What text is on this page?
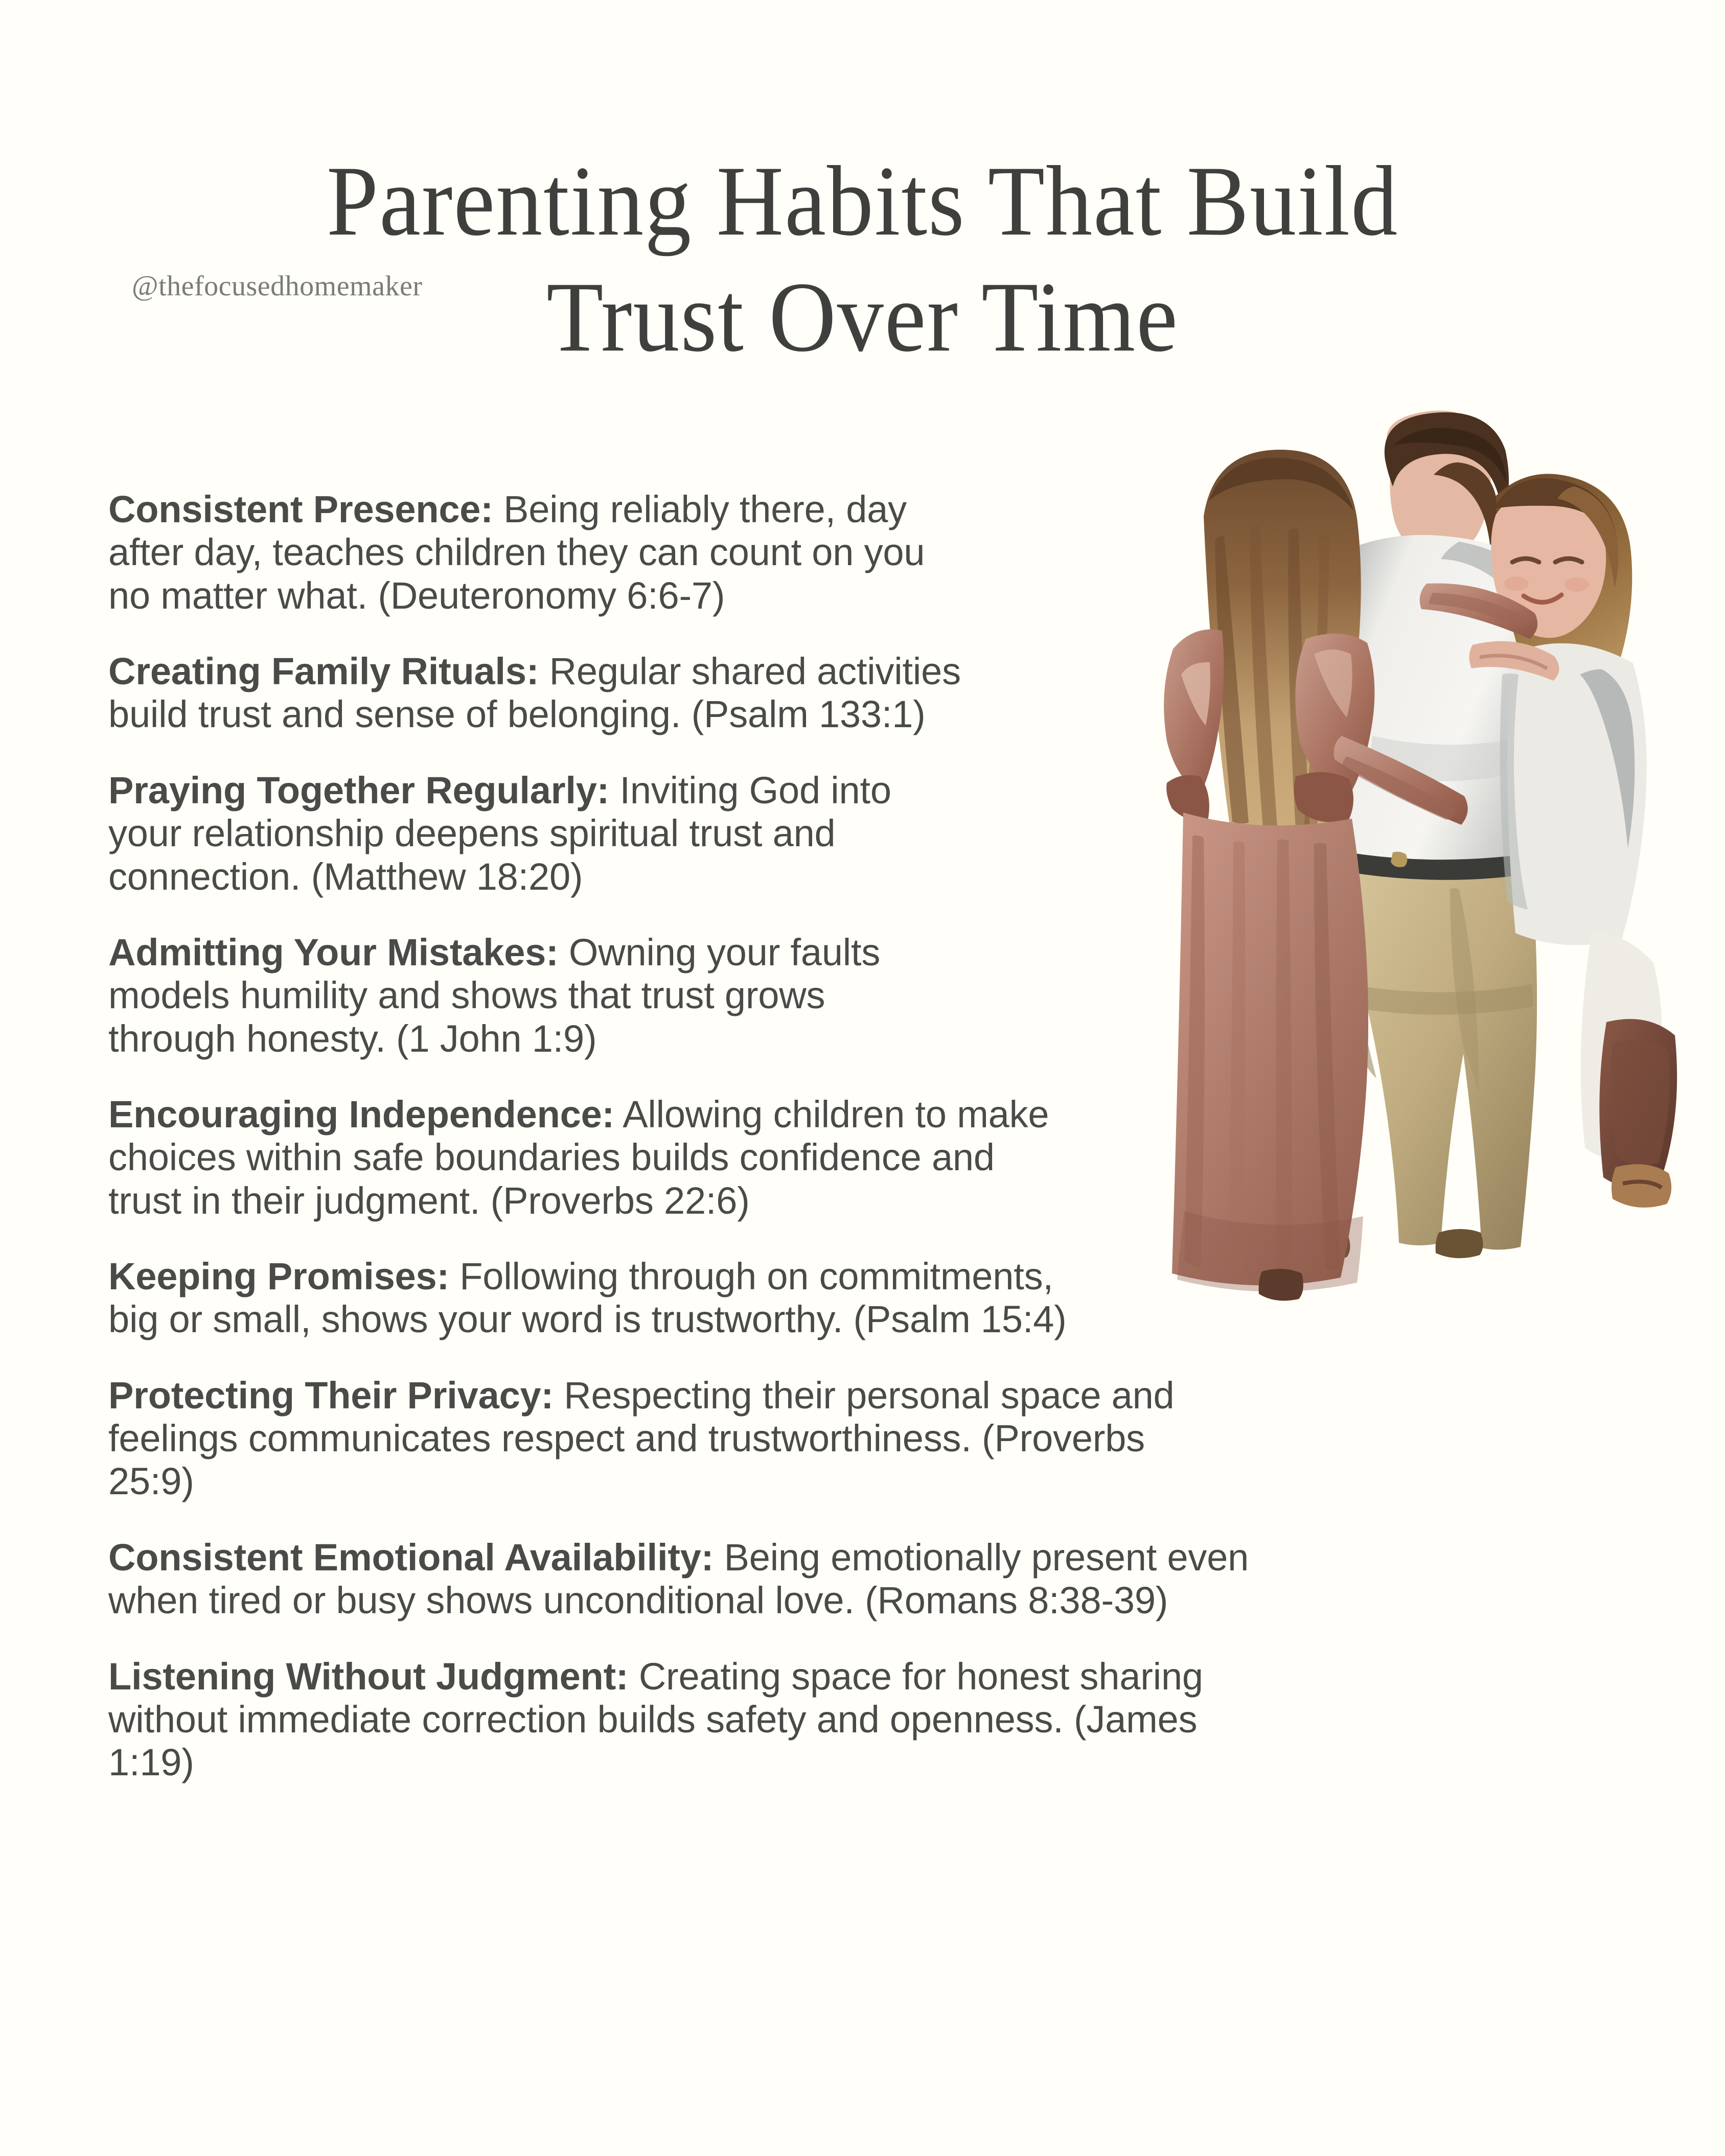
Parenting Habits That Build
Trust Over Time
@thefocusedhomemaker
Consistent Presence: Being reliably there, day after day, teaches children they can count on you no matter what. (Deuteronomy 6:6-7)
Creating Family Rituals: Regular shared activities build trust and sense of belonging. (Psalm 133:1)
Praying Together Regularly: Inviting God into your relationship deepens spiritual trust and connection. (Matthew 18:20)
Admitting Your Mistakes: Owning your faults models humility and shows that trust grows through honesty. (1 John 1:9)
Encouraging Independence: Allowing children to make choices within safe boundaries builds confidence and trust in their judgment. (Proverbs 22:6)
Keeping Promises: Following through on commitments, big or small, shows your word is trustworthy. (Psalm 15:4)
Protecting Their Privacy: Respecting their personal space and feelings communicates respect and trustworthiness. (Proverbs 25:9)
Consistent Emotional Availability: Being emotionally present even when tired or busy shows unconditional love. (Romans 8:38-39)
Listening Without Judgment: Creating space for honest sharing without immediate correction builds safety and openness. (James 1:19)
